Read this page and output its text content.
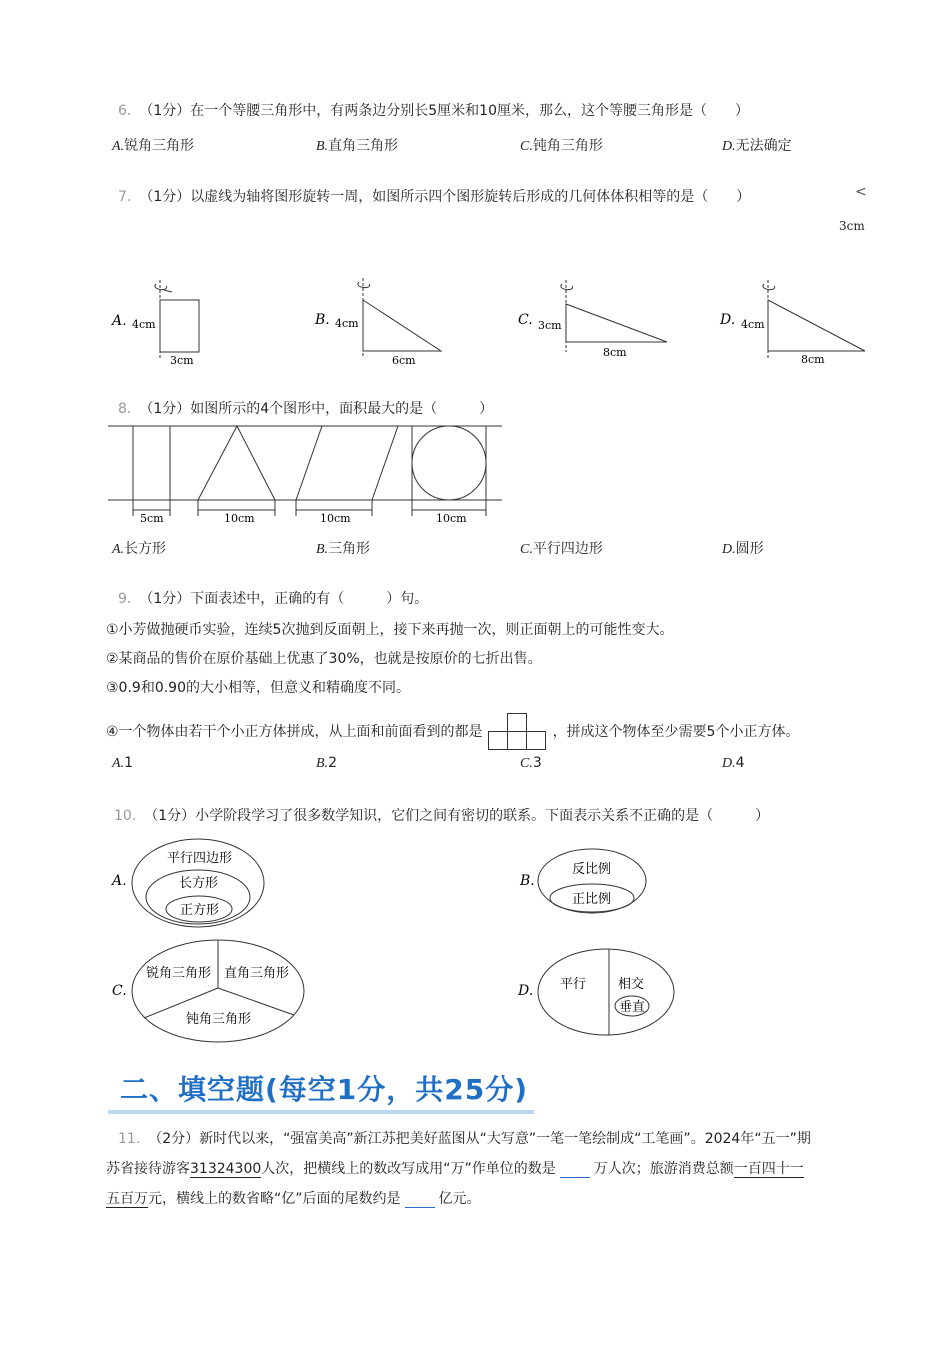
6. （1分）在一个等腰三角形中，有两条边分别长5厘米和10厘米，那么，这个等腰三角形是（　　）
A.锐角三角形	B.直角三角形	C.钝角三角形	D.无法确定
7. （1分）以虚线为轴将图形旋转一周，如图所示四个图形旋转后形成的几何体体积相等的是（　　）	<
3cm
A. 4cm
3cm
B. 4cm
6cm
C. 3cm
8cm
D. 4cm
8cm
8. （1分）如图所示的4个图形中，面积最大的是（　　　）
5cm	10cm	10cm	10cm
A.长方形	B.三角形	C.平行四边形	D.圆形
9. （1分）下面表述中，正确的有（　　　）句。
①小芳做抛硬币实验，连续5次抛到反面朝上，接下来再抛一次，则正面朝上的可能性变大。
②某商品的售价在原价基础上优惠了30%，也就是按原价的七折出售。
③0.9和0.90的大小相等，但意义和精确度不同。
④一个物体由若干个小正方体拼成，从上面和前面看到的都是	，拼成这个物体至少需要5个小正方体。
A.1	B.2	C.3	D.4
10. （1分）小学阶段学习了很多数学知识，它们之间有密切的联系。下面表示关系不正确的是（　　　）
A.
平行四边形
长方形
正方形
B.
反比例
正比例
C.
锐角三角形 直角三角形
钝角三角形
D. 平行 相交
垂直
二、填空题(每空1分，共25分)
11. （2分）新时代以来，“强富美高”新江苏把美好蓝图从“大写意”一笔一笔绘制成“工笔画”。2024年“五一”期
苏省接待游客31324300人次，把横线上的数改写成用“万”作单位的数是	万人次；旅游消费总额一百四十一
五百万元，横线上的数省略“亿”后面的尾数约是	亿元。
